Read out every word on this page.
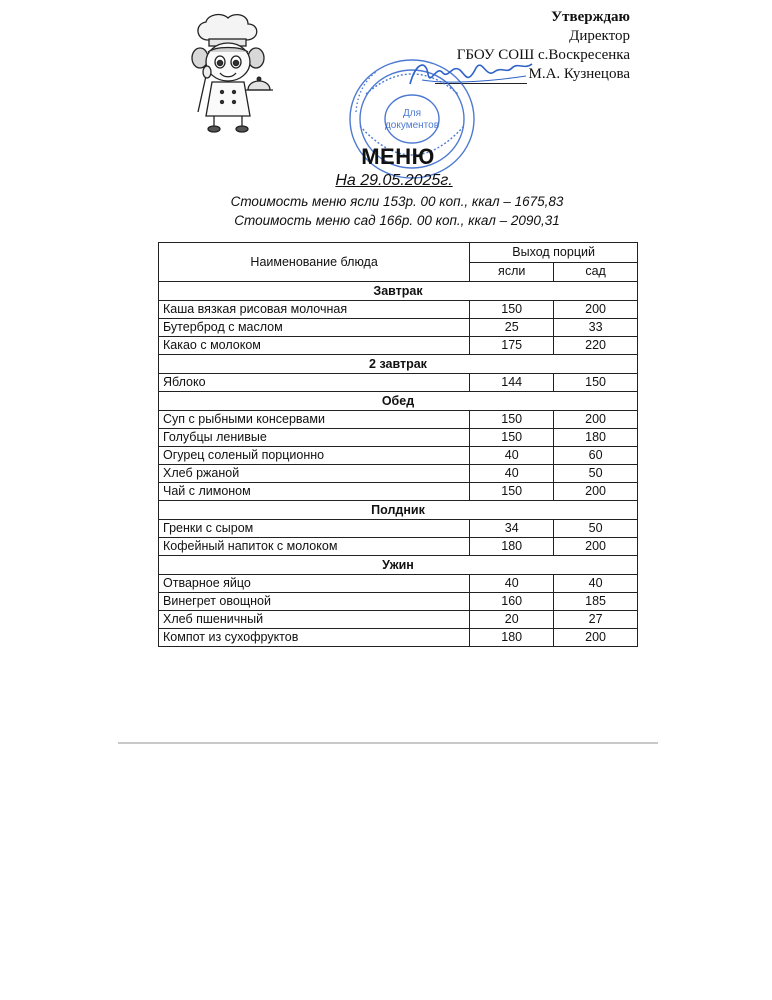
Утверждаю
Директор
ГБОУ СОШ с.Воскресенка
М.А. Кузнецова
Для
документов
МЕНЮ
На 29.05.2025г.
Стоимость меню ясли 153р. 00 коп., ккал – 1675,83
Стоимость меню сад 166р. 00 коп., ккал – 2090,31
Наименование блюда	Выход порций	
	ясли	сад
Завтрак		
Каша вязкая рисовая молочная	150	200
Бутерброд с маслом	25	33
Какао с молоком	175	220
2 завтрак		
Яблоко	144	150
Обед		
Суп с рыбными консервами	150	200
Голубцы ленивые	150	180
Огурец соленый порционно	40	60
Хлеб ржаной	40	50
Чай с лимоном	150	200
Полдник		
Гренки с сыром	34	50
Кофейный напиток с молоком	180	200
Ужин		
Отварное яйцо	40	40
Винегрет овощной	160	185
Хлеб пшеничный	20	27
Компот из сухофруктов	180	200
